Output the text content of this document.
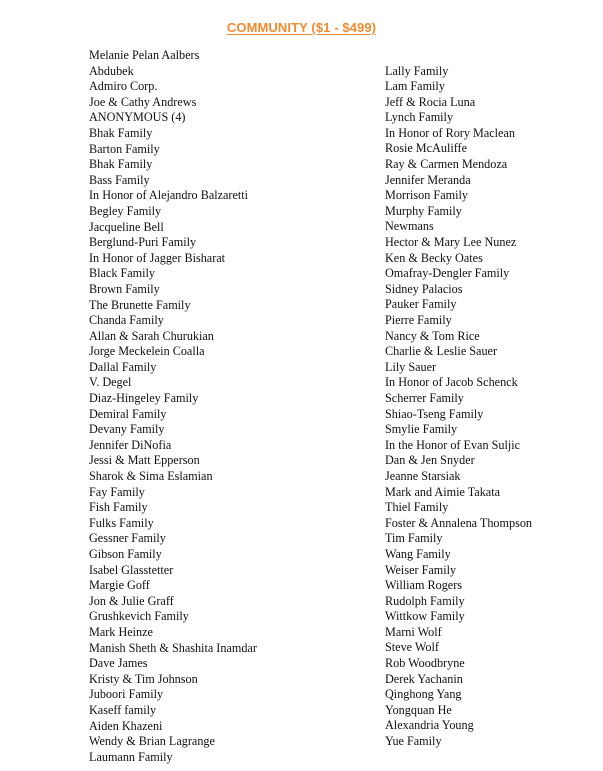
COMMUNITY ($1 - $499)
Melanie Pelan Aalbers
Abdubek
Admiro Corp.
Joe & Cathy Andrews
ANONYMOUS (4)
Bhak Family
Barton Family
Bhak Family
Bass Family
In Honor of Alejandro Balzaretti
Begley Family
Jacqueline Bell
Berglund-Puri Family
In Honor of Jagger Bisharat
Black Family
Brown Family
The Brunette Family
Chanda Family
Allan & Sarah Churukian
Jorge Meckelein Coalla
Dallal Family
V. Degel
Diaz-Hingeley Family
Demiral Family
Devany Family
Jennifer DiNofia
Jessi & Matt Epperson
Sharok & Sima Eslamian
Fay Family
Fish Family
Fulks Family
Gessner Family
Gibson Family
Isabel Glasstetter
Margie Goff
Jon & Julie Graff
Grushkevich Family
Mark Heinze
Manish Sheth & Shashita Inamdar
Dave James
Kristy & Tim Johnson
Juboori Family
Kaseff family
Aiden Khazeni
Wendy & Brian Lagrange
Laumann Family
Lally Family
Lam Family
Jeff & Rocia Luna
Lynch Family
In Honor of Rory Maclean
Rosie McAuliffe
Ray & Carmen Mendoza
Jennifer Meranda
Morrison Family
Murphy Family
Newmans
Hector & Mary Lee Nunez
Ken & Becky Oates
Omafray-Dengler Family
Sidney Palacios
Pauker Family
Pierre Family
Nancy & Tom Rice
Charlie & Leslie Sauer
Lily Sauer
In Honor of Jacob Schenck
Scherrer Family
Shiao-Tseng Family
Smylie Family
In the Honor of Evan Suljic
Dan & Jen Snyder
Jeanne Starsiak
Mark and Aimie Takata
Thiel Family
Foster & Annalena Thompson
Tim Family
Wang Family
Weiser Family
William Rogers
Rudolph Family
Wittkow Family
Marni Wolf
Steve Wolf
Rob Woodbryne
Derek Yachanin
Qinghong Yang
Yongquan He
Alexandria Young
Yue Family
